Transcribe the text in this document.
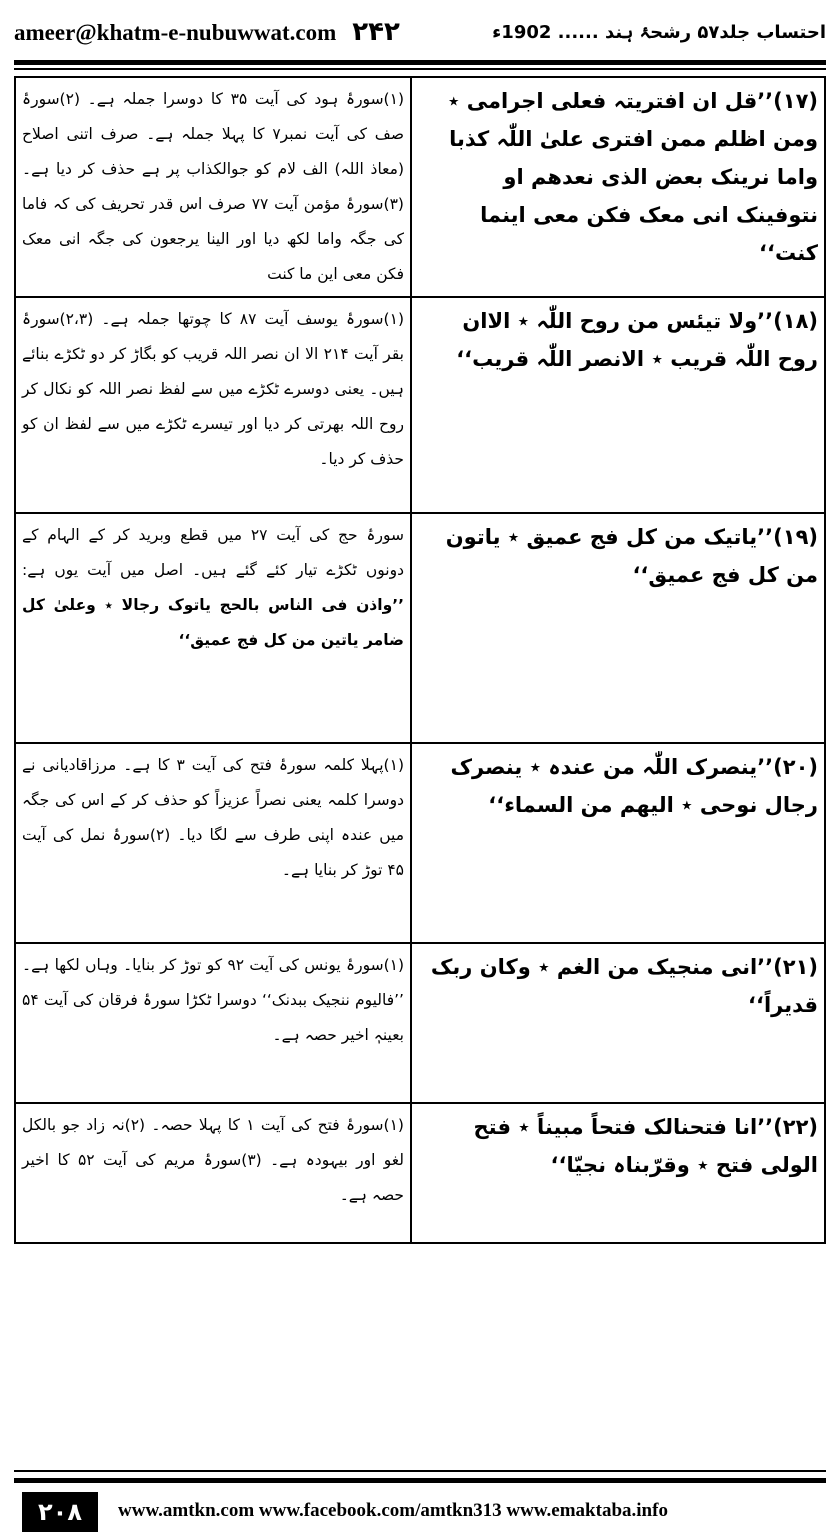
ameer@khatm-e-nubuwwat.com ۲۴۲	احتساب جلد۵۷ رشحۂ ہند ...... 1902ء
(۱۷)’’قل ان افتریتہ فعلی اجرامی ٭ ومن اظلم ممن افتری علیٰ اللّٰہ کذبا واما نرینک بعض الذی نعدھم او نتوفینک انی معک فکن معی اینما کنت‘‘	(۱)سورۂ ہود کی آیت ۳۵ کا دوسرا جملہ ہے۔ (۲)سورۂ صف کی آیت نمبر۷ کا پہلا جملہ ہے۔ صرف اتنی اصلاح (معاذ اللہ) الف لام کو جوالکذاب پر ہے حذف کر دیا ہے۔ (۳)سورۂ مؤمن آیت ۷۷ صرف اس قدر تحریف کی کہ فاما کی جگہ واما لکھ دیا اور الینا یرجعون کی جگہ انی معک فکن معی این ما کنت
(۱۸)’’ولا تیئس من روح اللّٰہ ٭ الاان روح اللّٰہ قریب ٭ الانصر اللّٰہ قریب‘‘	(۱)سورۂ یوسف آیت ۸۷ کا چوتھا جملہ ہے۔ (۲،۳)سورۂ بقر آیت ۲۱۴ الا ان نصر اللہ قریب کو بگاڑ کر دو ٹکڑے بنائے ہیں۔ یعنی دوسرے ٹکڑے میں سے لفظ نصر اللہ کو نکال کر روح اللہ بھرتی کر دیا اور تیسرے ٹکڑے میں سے لفظ ان کو حذف کر دیا۔
(۱۹)’’یاتیک من کل فج عمیق ٭ یاتون من کل فج عمیق‘‘	سورۂ حج کی آیت ۲۷ میں قطع وبرید کر کے الہام کے دونوں ٹکڑے تیار کئے گئے ہیں۔ اصل میں آیت یوں ہے: ’’واذن فی الناس بالحج یاتوک رجالا ٭ وعلیٰ کل ضامر یاتین من کل فج عمیق‘‘
(۲۰)’’ینصرک اللّٰہ من عندہ ٭ ینصرک رجال نوحی ٭ الیھم من السماء‘‘	(۱)پہلا کلمہ سورۂ فتح کی آیت ۳ کا ہے۔ مرزاقادیانی نے دوسرا کلمہ یعنی نصراً عزیزاً کو حذف کر کے اس کی جگہ میں عندہ اپنی طرف سے لگا دیا۔ (۲)سورۂ نمل کی آیت ۴۵ توڑ کر بنایا ہے۔
(۲۱)’’انی منجیک من الغم ٭ وکان ربک قدیراً‘‘	(۱)سورۂ یونس کی آیت ۹۲ کو توڑ کر بنایا۔ وہاں لکھا ہے۔ ’’فالیوم ننجیک ببدنک‘‘ دوسرا ٹکڑا سورۂ فرقان کی آیت ۵۴ بعینہٖ اخیر حصہ ہے۔
(۲۲)’’انا فتحنالک فتحاً مبیناً ٭ فتح الولی فتح ٭ وقرّبناہ نجیّا‘‘	(۱)سورۂ فتح کی آیت ۱ کا پہلا حصہ۔ (۲)نہ زاد جو بالکل لغو اور بیہودہ ہے۔ (۳)سورۂ مریم کی آیت ۵۲ کا اخیر حصہ ہے۔
۲۰۸	www.amtkn.com www.facebook.com/amtkn313 www.emaktaba.info
